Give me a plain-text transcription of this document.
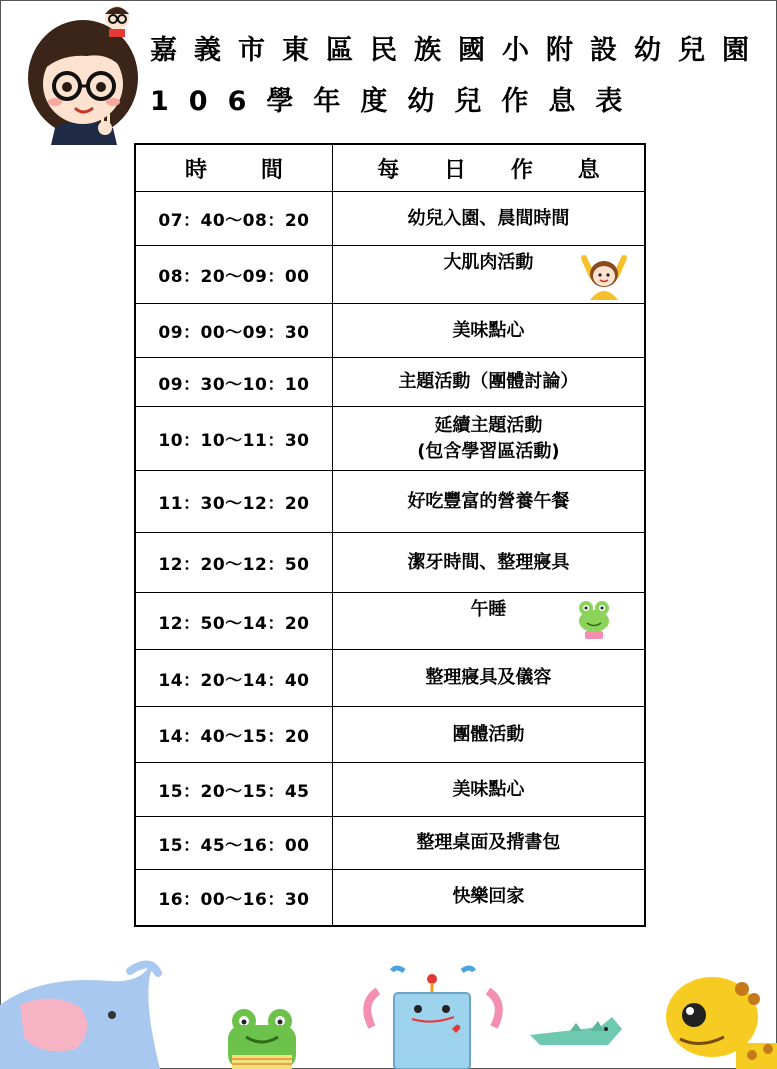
嘉義市東區民族國小附設幼兒園
106學年度幼兒作息表
時 間	每 日 作 息

07：40～08：20	幼兒入園、晨間時間
08：20～09：00	大肌肉活動

09：00～09：30	美味點心
09：30～10：10	主題活動（團體討論）
10：10～11：30	延續主題活動
(包含學習區活動)

11：30～12：20	好吃豐富的營養午餐
12：20～12：50	潔牙時間、整理寢具
12：50～14：20	午睡

14：20～14：40	整理寢具及儀容
14：40～15：20	團體活動
15：20～15：45	美味點心
15：45～16：00	整理桌面及揹書包
16：00～16：30	快樂回家
